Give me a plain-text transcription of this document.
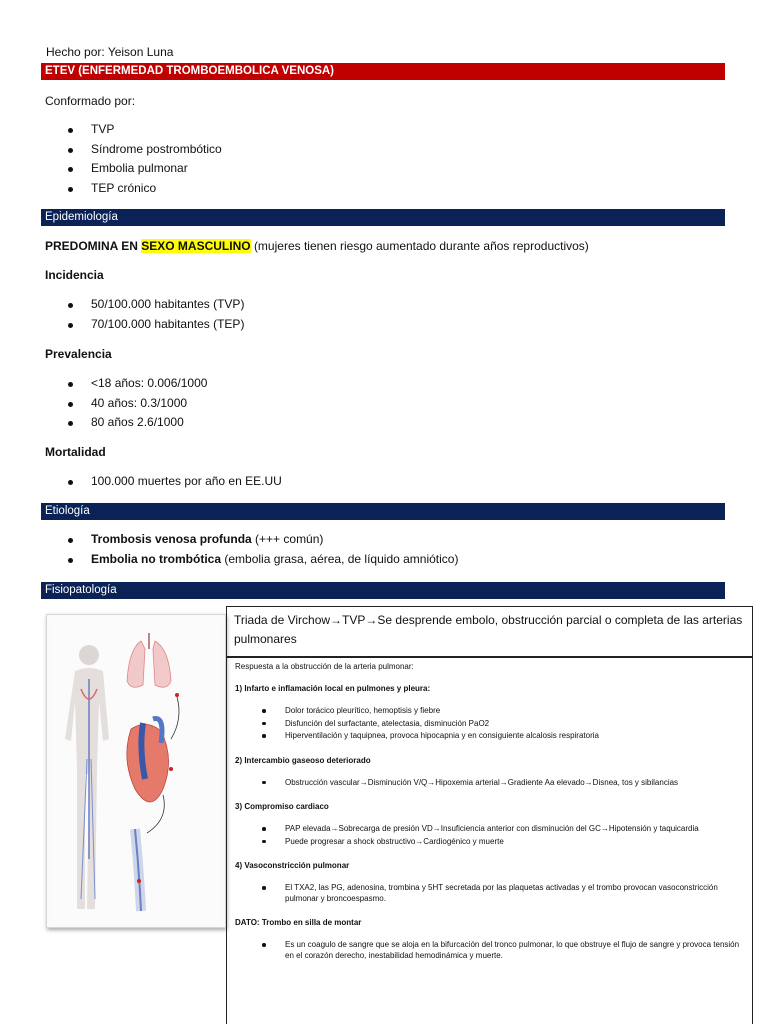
Hecho por: Yeison Luna
ETEV (ENFERMEDAD TROMBOEMBOLICA VENOSA)
Conformado por:
TVP
Síndrome postrombótico
Embolia pulmonar
TEP crónico
Epidemiología
PREDOMINA EN SEXO MASCULINO (mujeres tienen riesgo aumentado durante años reproductivos)
Incidencia
50/100.000 habitantes (TVP)
70/100.000 habitantes (TEP)
Prevalencia
<18 años: 0.006/1000
40 años: 0.3/1000
80 años 2.6/1000
Mortalidad
100.000 muertes por año en EE.UU
Etiología
Trombosis venosa profunda (+++ común)
Embolia no trombótica (embolia grasa, aérea, de líquido amniótico)
Fisiopatología
Triada de Virchow→TVP→Se desprende embolo, obstrucción parcial o completa de las arterias pulmonares

Respuesta a la obstrucción de la arteria pulmonar:

1) Infarto e inflamación local en pulmones y pleura:

Dolor torácico pleurítico, hemoptisis y fiebre
Disfunción del surfactante, atelectasia, disminución PaO2
Hiperventilación y taquipnea, provoca hipocapnia y en consiguiente alcalosis respiratoria

2) Intercambio gaseoso deteriorado

Obstrucción vascular→Disminución V/Q→Hipoxemia arterial→Gradiente Aa elevado→Disnea, tos y sibilancias

3) Compromiso cardiaco

PAP elevada→Sobrecarga de presión VD→Insuficiencia anterior con disminución del GC→Hipotensión y taquicardia
Puede progresar a shock obstructivo→Cardiogénico y muerte

4) Vasoconstricción pulmonar

El TXA2, las PG, adenosina, trombina y 5HT secretada por las plaquetas activadas y el trombo provocan vasoconstricción pulmonar y broncoespasmo.

DATO: Trombo en silla de montar

Es un coagulo de sangre que se aloja en la bifurcación del tronco pulmonar, lo que obstruye el flujo de sangre y provoca tensión en el corazón derecho, inestabilidad hemodinámica y muerte.
